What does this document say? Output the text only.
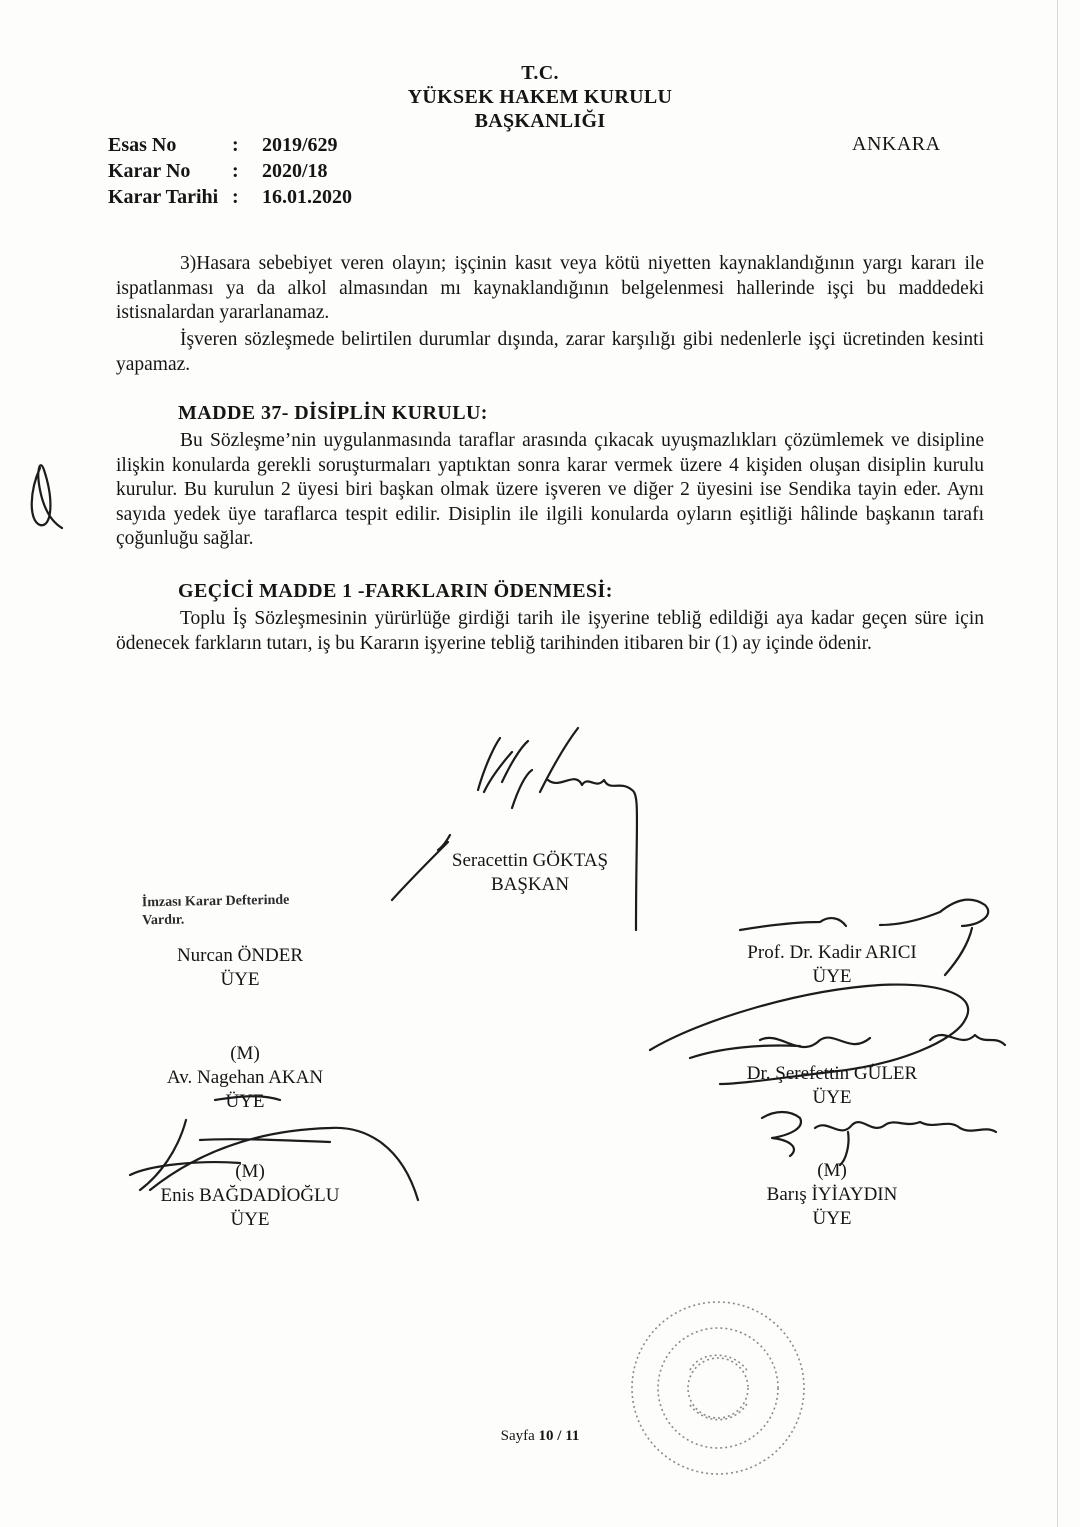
T.C.
YÜKSEK HAKEM KURULU
BAŞKANLIĞI
Esas No	:	2019/629
Karar No	:	2020/18
Karar Tarihi :	16.01.2020
ANKARA
3)Hasara sebebiyet veren olayın; işçinin kasıt veya kötü niyetten kaynaklandığının yargı kararı ile ispatlanması ya da alkol almasından mı kaynaklandığının belgelenmesi hallerinde işçi bu maddedeki istisnalardan yararlanamaz.
İşveren sözleşmede belirtilen durumlar dışında, zarar karşılığı gibi nedenlerle işçi ücretinden kesinti yapamaz.
MADDE 37- DİSİPLİN KURULU:
Bu Sözleşme’nin uygulanmasında taraflar arasında çıkacak uyuşmazlıkları çözümlemek ve disipline ilişkin konularda gerekli soruşturmaları yaptıktan sonra karar vermek üzere 4 kişiden oluşan disiplin kurulu kurulur. Bu kurulun 2 üyesi biri başkan olmak üzere işveren ve diğer 2 üyesini ise Sendika tayin eder. Aynı sayıda yedek üye taraflarca tespit edilir. Disiplin ile ilgili konularda oyların eşitliği hâlinde başkanın tarafı çoğunluğu sağlar.
GEÇİCİ MADDE 1 -FARKLARIN ÖDENMESİ:
Toplu İş Sözleşmesinin yürürlüğe girdiği tarih ile işyerine tebliğ edildiği aya kadar geçen süre için ödenecek farkların tutarı, iş bu Kararın işyerine tebliğ tarihinden itibaren bir (1) ay içinde ödenir.
Seracettin GÖKTAŞ
BAŞKAN
İmzası Karar Defterinde
Vardır.
Nurcan ÖNDER
ÜYE
Prof. Dr. Kadir ARICI
ÜYE
(M)
Av. Nagehan AKAN
ÜYE
Dr. Şerefettin GÜLER
ÜYE
(M)
Enis BAĞDADİOĞLU
ÜYE
(M)
Barış İYİAYDIN
ÜYE
Sayfa 10 / 11
